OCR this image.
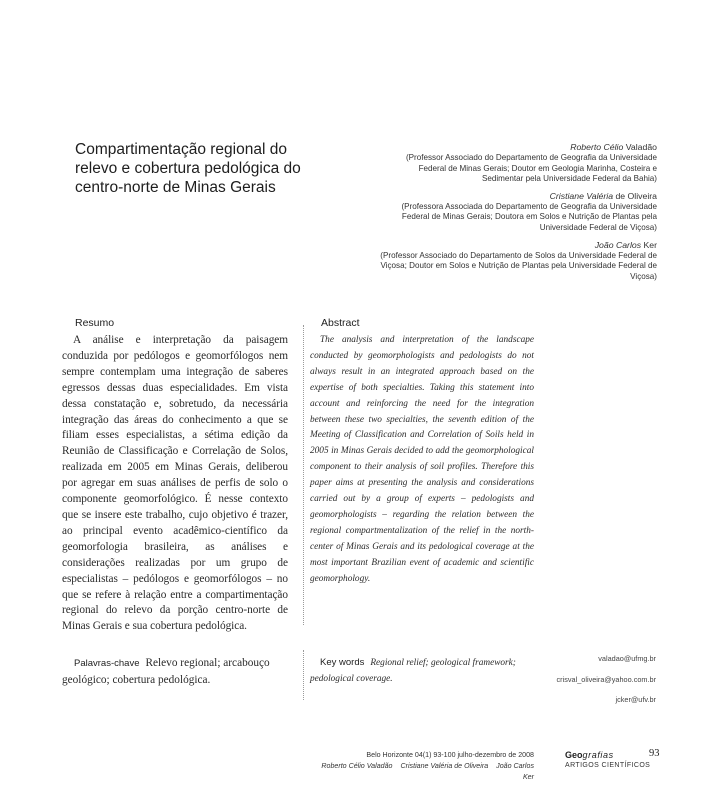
Compartimentação regional do relevo e cobertura pedológica do centro-norte de Minas Gerais
Roberto Célio Valadão
(Professor Associado do Departamento de Geografia da Universidade Federal de Minas Gerais; Doutor em Geologia Marinha, Costeira e Sedimentar pela Universidade Federal da Bahia)
Cristiane Valéria de Oliveira
(Professora Associada do Departamento de Geografia da Universidade Federal de Minas Gerais; Doutora em Solos e Nutrição de Plantas pela Universidade Federal de Viçosa)
João Carlos Ker
(Professor Associado do Departamento de Solos da Universidade Federal de Viçosa; Doutor em Solos e Nutrição de Plantas pela Universidade Federal de Viçosa)
Resumo

A análise e interpretação da paisagem conduzida por pedólogos e geomorfólogos nem sempre contemplam uma integração de saberes egressos dessas duas especialidades. Em vista dessa constatação e, sobretudo, da necessária integração das áreas do conhecimento a que se filiam esses especialistas, a sétima edição da Reunião de Classificação e Correlação de Solos, realizada em 2005 em Minas Gerais, deliberou por agregar em suas análises de perfis de solo o componente geomorfológico. É nesse contexto que se insere este trabalho, cujo objetivo é trazer, ao principal evento acadêmico-científico da geomorfologia brasileira, as análises e considerações realizadas por um grupo de especialistas – pedólogos e geomorfólogos – no que se refere à relação entre a compartimentação regional do relevo da porção centro-norte de Minas Gerais e sua cobertura pedológica.

Abstract

The analysis and interpretation of the landscape conducted by geomorphologists and pedologists do not always result in an integrated approach based on the expertise of both specialties. Taking this statement into account and reinforcing the need for the integration between these two specialties, the seventh edition of the Meeting of Classification and Correlation of Soils held in 2005 in Minas Gerais decided to add the geomorphological component to their analysis of soil profiles. Therefore this paper aims at presenting the analysis and considerations carried out by a group of experts – pedologists and geomorphologists – regarding the relation between the regional compartmentalization of the relief in the north-center of Minas Gerais and its pedological coverage at the most important Brazilian event of academic and scientific geomorphology.

Palavras-chave Relevo regional; arcabouço geológico; cobertura pedológica.

Key words Regional relief; geological framework; pedological coverage.

valadao@ufmg.br
crisval_oliveira@yahoo.com.br
jcker@ufv.br
Belo Horizonte 04(1) 93-100 julho-dezembro de 2008
Roberto Célio Valadão Cristiane Valéria de Oliveira João Carlos Ker
Geografias
ARTIGOS CIENTÍFICOS
93
